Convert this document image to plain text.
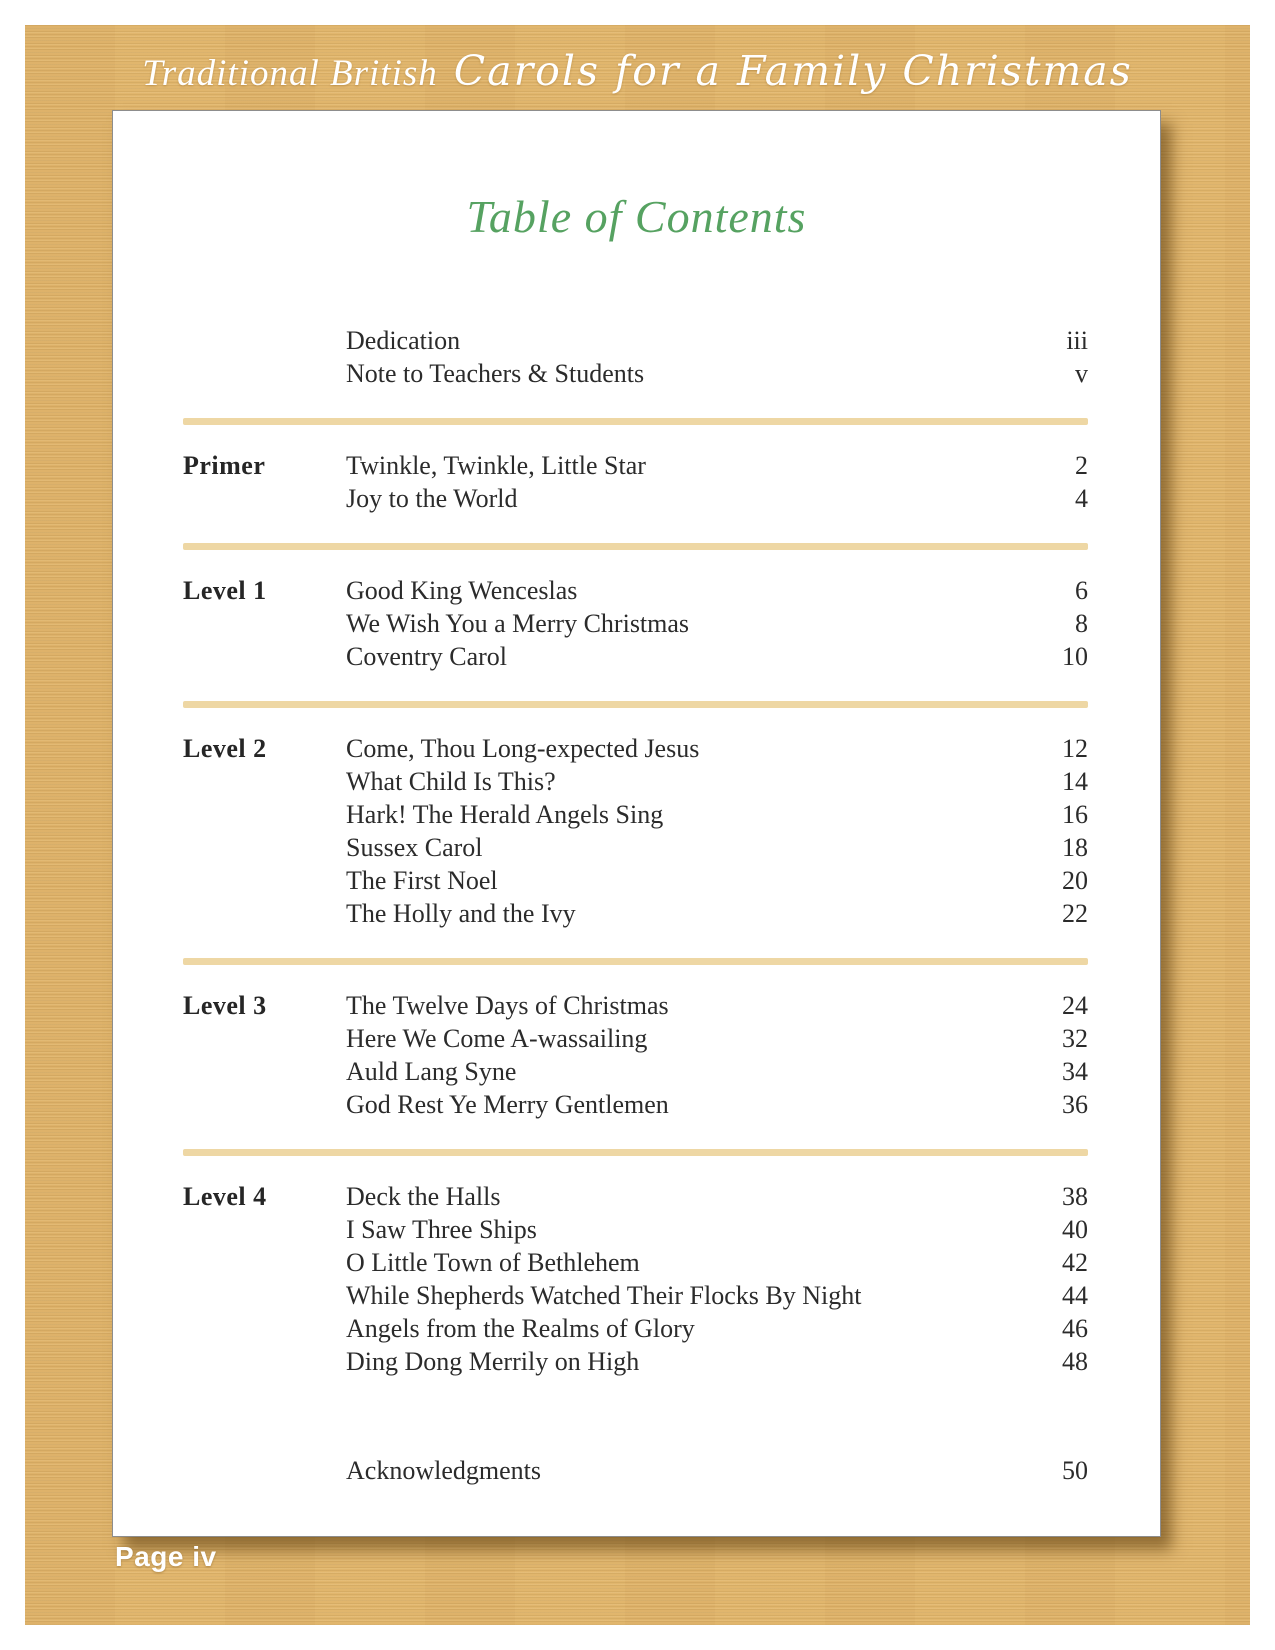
Traditional British Carols for a Family Christmas
Table of Contents
Dedication	iii
Note to Teachers & Students	v
Primer	Twinkle, Twinkle, Little Star	2
Joy to the World	4
Level 1	Good King Wenceslas	6
We Wish You a Merry Christmas	8
Coventry Carol	10
Level 2	Come, Thou Long-expected Jesus	12
What Child Is This?	14
Hark! The Herald Angels Sing	16
Sussex Carol	18
The First Noel	20
The Holly and the Ivy	22
Level 3	The Twelve Days of Christmas	24
Here We Come A-wassailing	32
Auld Lang Syne	34
God Rest Ye Merry Gentlemen	36
Level 4	Deck the Halls	38
I Saw Three Ships	40
O Little Town of Bethlehem	42
While Shepherds Watched Their Flocks By Night	44
Angels from the Realms of Glory	46
Ding Dong Merrily on High	48
Acknowledgments	50
Page iv
